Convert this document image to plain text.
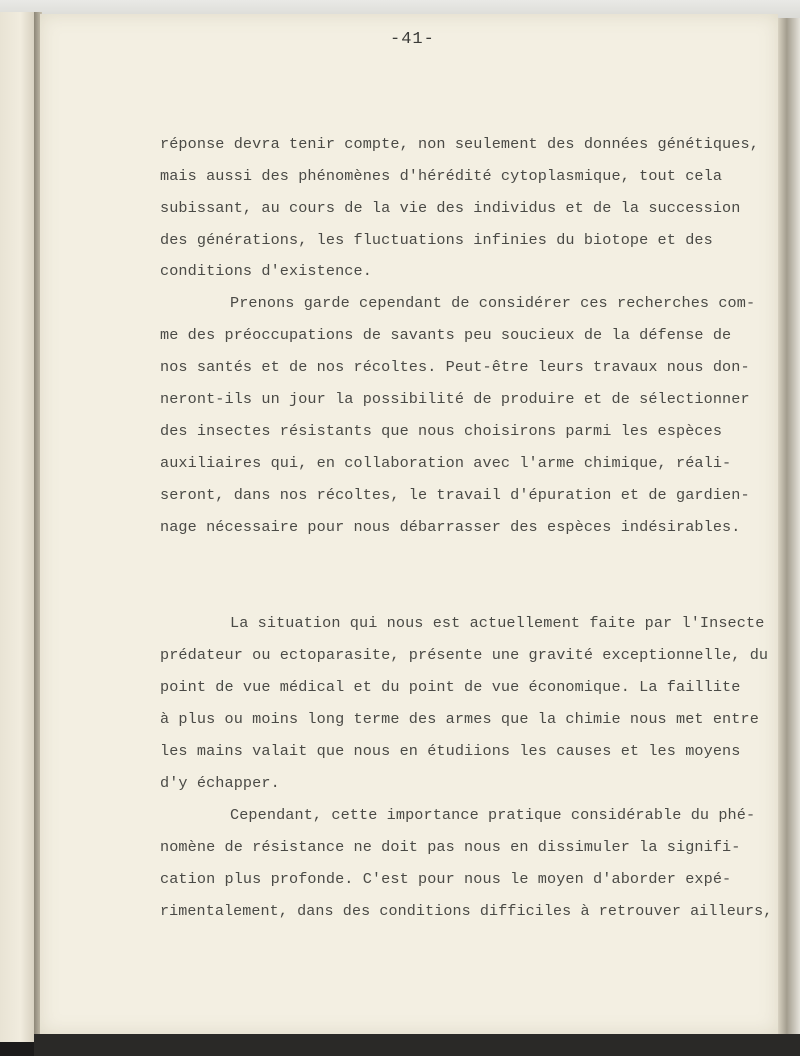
-41-
réponse devra tenir compte, non seulement des données génétiques,
mais aussi des phénomènes d'hérédité cytoplasmique, tout cela
subissant, au cours de la vie des individus et de la succession
des générations, les fluctuations infinies du biotope et des
conditions d'existence.
Prenons garde cependant de considérer ces recherches com-
me des préoccupations de savants peu soucieux de la défense de
nos santés et de nos récoltes. Peut-être leurs travaux nous don-
neront-ils un jour la possibilité de produire et de sélectionner
des insectes résistants que nous choisirons parmi les espèces
auxiliaires qui, en collaboration avec l'arme chimique, réali-
seront, dans nos récoltes, le travail d'épuration et de gardien-
nage nécessaire pour nous débarrasser des espèces indésirables.
La situation qui nous est actuellement faite par l'Insecte
prédateur ou ectoparasite, présente une gravité exceptionnelle, du
point de vue médical et du point de vue économique. La faillite
à plus ou moins long terme des armes que la chimie nous met entre
les mains valait que nous en étudiions les causes et les moyens
d'y échapper.
Cependant, cette importance pratique considérable du phé-
nomène de résistance ne doit pas nous en dissimuler la signifi-
cation plus profonde. C'est pour nous le moyen d'aborder expé-
rimentalement, dans des conditions difficiles à retrouver ailleurs,
